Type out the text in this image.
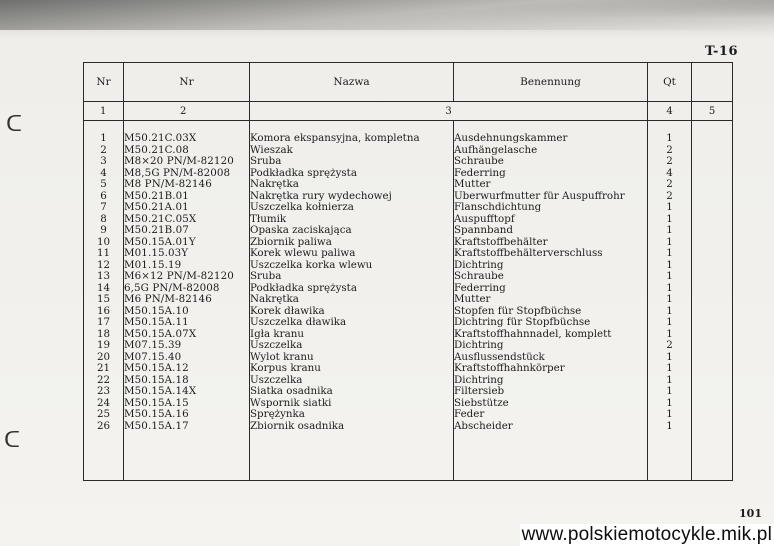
T-16
ᑕ
ᑕ
Nr	Nr	Nazwa	Benennung	Qt	
1	2	3		4	5

1	M50.21C.03X	Komora ekspansyjna, kompletna	Ausdehnungskammer	1	
2	M50.21C.08	Wieszak	Aufhängelasche	2	
3	M8×20 PN/M-82120	Śruba	Schraube	2	
4	M8,5G PN/M-82008	Podkładka sprężysta	Federring	4	
5	M8 PN/M-82146	Nakrętka	Mutter	2	
6	M50.21B.01	Nakrętka rury wydechowej	Überwurfmutter für Auspuffrohr	2	
7	M50.21A.01	Uszczelka kołnierza	Flanschdichtung	1	
8	M50.21C.05X	Tłumik	Auspufftopf	1	
9	M50.21B.07	Opaska zaciskająca	Spannband	1	
10	M50.15A.01Y	Zbiornik paliwa	Kraftstoffbehälter	1	
11	M01.15.03Y	Korek wlewu paliwa	Kraftstoffbehälterverschluss	1	
12	M01.15.19	Uszczelka korka wlewu	Dichtring	1	
13	M6×12 PN/M-82120	Śruba	Schraube	1	
14	6,5G PN/M-82008	Podkładka sprężysta	Federring	1	
15	M6 PN/M-82146	Nakrętka	Mutter	1	
16	M50.15A.10	Korek dławika	Stopfen für Stopfbüchse	1	
17	M50.15A.11	Uszczelka dławika	Dichtring für Stopfbüchse	1	
18	M50.15A.07X	Igła kranu	Kraftstoffhahnnadel, komplett	1	
19	M07.15.39	Uszczelka	Dichtring	2	
20	M07.15.40	Wylot kranu	Ausflussendstück	1	
21	M50.15A.12	Korpus kranu	Kraftstoffhahnkörper	1	
22	M50.15A.18	Uszczelka	Dichtring	1	
23	M50.15A.14X	Siatka osadnika	Filtersieb	1	
24	M50.15A.15	Wspornik siatki	Siebstütze	1	
25	M50.15A.16	Sprężynka	Feder	1	
26	M50.15A.17	Zbiornik osadnika	Abscheider	1	

101
www.polskiemotocykle.mik.pl
